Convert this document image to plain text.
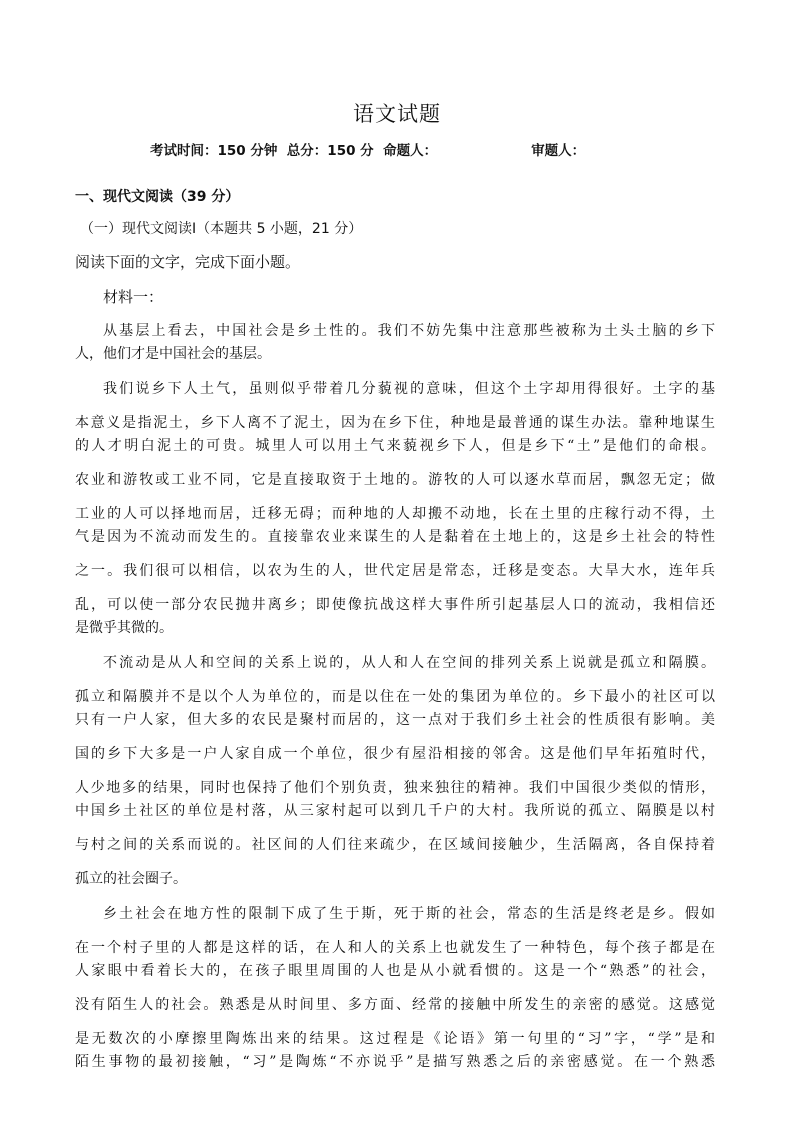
语文试题
考试时间：150 分钟 总分：150 分 命题人：	审题人：
一、现代文阅读（39 分）
（一）现代文阅读Ⅰ（本题共 5 小题，21 分）
阅读下面的文字，完成下面小题。
材料一：
从基层上看去，中国社会是乡土性的。我们不妨先集中注意那些被称为土头土脑的乡下
人，他们才是中国社会的基层。
我们说乡下人土气，虽则似乎带着几分藐视的意味，但这个土字却用得很好。土字的基
本意义是指泥土，乡下人离不了泥土，因为在乡下住，种地是最普通的谋生办法。靠种地谋生
的人才明白泥土的可贵。城里人可以用土气来藐视乡下人，但是乡下“土”是他们的命根。
农业和游牧或工业不同，它是直接取资于土地的。游牧的人可以逐水草而居，飘忽无定；做
工业的人可以择地而居，迁移无碍；而种地的人却搬不动地，长在土里的庄稼行动不得，土
气是因为不流动而发生的。直接靠农业来谋生的人是黏着在土地上的，这是乡土社会的特性
之一。我们很可以相信，以农为生的人，世代定居是常态，迁移是变态。大旱大水，连年兵
乱，可以使一部分农民抛井离乡；即使像抗战这样大事件所引起基层人口的流动，我相信还
是微乎其微的。
不流动是从人和空间的关系上说的，从人和人在空间的排列关系上说就是孤立和隔膜。
孤立和隔膜并不是以个人为单位的，而是以住在一处的集团为单位的。乡下最小的社区可以
只有一户人家，但大多的农民是聚村而居的，这一点对于我们乡土社会的性质很有影响。美
国的乡下大多是一户人家自成一个单位，很少有屋沿相接的邻舍。这是他们早年拓殖时代，
人少地多的结果，同时也保持了他们个别负责，独来独往的精神。我们中国很少类似的情形，
中国乡土社区的单位是村落，从三家村起可以到几千户的大村。我所说的孤立、隔膜是以村
与村之间的关系而说的。社区间的人们往来疏少，在区域间接触少，生活隔离，各自保持着
孤立的社会圈子。
乡土社会在地方性的限制下成了生于斯，死于斯的社会，常态的生活是终老是乡。假如
在一个村子里的人都是这样的话，在人和人的关系上也就发生了一种特色，每个孩子都是在
人家眼中看着长大的，在孩子眼里周围的人也是从小就看惯的。这是一个“熟悉”的社会，
没有陌生人的社会。熟悉是从时间里、多方面、经常的接触中所发生的亲密的感觉。这感觉
是无数次的小摩擦里陶炼出来的结果。这过程是《论语》第一句里的“习”字，“学”是和
陌生事物的最初接触，“习”是陶炼“不亦说乎”是描写熟悉之后的亲密感觉。在一个熟悉
